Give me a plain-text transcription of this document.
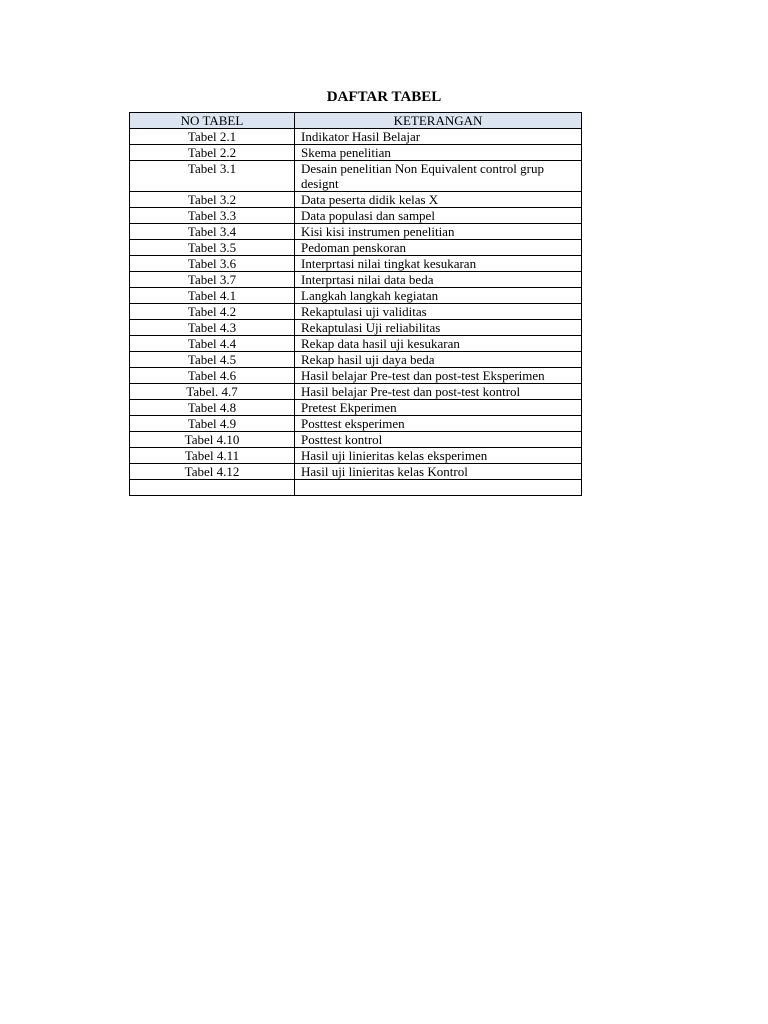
DAFTAR TABEL
NO TABEL	KETERANGAN
Tabel 2.1	Indikator Hasil Belajar
Tabel 2.2	Skema penelitian
Tabel 3.1	Desain penelitian Non Equivalent control grup designt
Tabel 3.2	Data peserta didik kelas X
Tabel 3.3	Data populasi dan sampel
Tabel 3.4	Kisi kisi instrumen penelitian
Tabel 3.5	Pedoman penskoran
Tabel 3.6	Interprtasi nilai tingkat kesukaran
Tabel 3.7	Interprtasi nilai data beda
Tabel 4.1	Langkah langkah kegiatan
Tabel 4.2	Rekaptulasi uji validitas
Tabel 4.3	Rekaptulasi Uji reliabilitas
Tabel 4.4	Rekap data hasil uji kesukaran
Tabel 4.5	Rekap hasil uji daya beda
Tabel 4.6	Hasil belajar Pre-test dan post-test Eksperimen
Tabel. 4.7	Hasil belajar Pre-test dan post-test kontrol
Tabel 4.8	Pretest Ekperimen
Tabel 4.9	Posttest eksperimen
Tabel 4.10	Posttest kontrol
Tabel 4.11	Hasil uji linieritas kelas eksperimen
Tabel 4.12	Hasil uji linieritas kelas Kontrol
